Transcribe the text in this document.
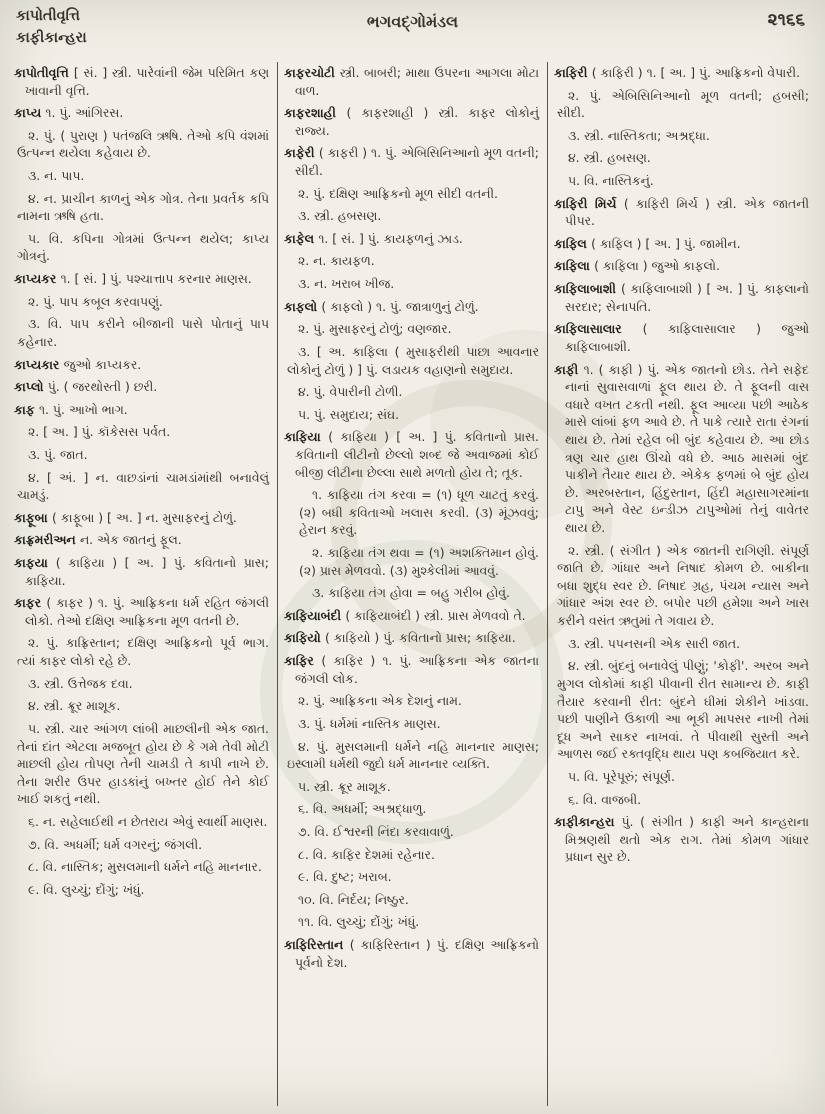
કાપોતીવૃત્તિ
કાફીકાન્હરા
ભગવદ્ગોમંડલ	૨૧૬૬
કાપોતીવૃત્તિ [ સં. ] સ્ત્રી. પારેવાંની જેમ પરિમિત કણ ખાવાની વૃત્તિ.
કાપ્ય ૧. પું. આંગિરસ.
૨. પું. ( પુરાણ ) પતંજલિ ઋષિ. તેઓ કપિ વંશમાં ઉત્પન્ન થયેલા કહેવાય છે.
૩. ન. પાપ.
૪. ન. પ્રાચીન કાળનું એક ગોત્ર. તેના પ્રવર્તક કપિ નામના ઋષિ હતા.
૫. વિ. કપિના ગોત્રમાં ઉત્પન્ન થયેલ; કાપ્ય ગોત્રનું.
કાપ્યકર ૧. [ સં. ] પું. પશ્ચાત્તાપ કરનાર માણસ.
૨. પું. પાપ કબૂલ કરવાપણું.
૩. વિ. પાપ કરીને બીજાની પાસે પોતાનું પાપ કહેનાર.
કાપ્યકાર જુઓ કાપ્યકર.
કાપ્લો પું. ( જરથોસ્તી ) છરી.
કાફ ૧. પું. આખો ભાગ.
૨. [ અ. ] પું. કૉકેસસ પર્વત.
૩. પું. જાત.
૪. [ અં. ] ન. વાછડાંનાં ચામડાંમાંથી બનાવેલું ચામડું.
કાફૂબા ( કાફૂબા ) [ અ. ] ન. મુસાફરનું ટોળું.
કાફ્રમરીઅન ન. એક જાતનું ફૂલ.
કાફયા ( કાફિયા ) [ અ. ] પું. કવિતાનો પ્રાસ; કાફિયા.
કાફર ( કાફર ) ૧. પું. આફ્રિકના ધર્મ રહિત જંગલી લોકો. તેઓ દક્ષિણ આફ્રિકના મૂળ વતની છે.
૨. પું. કાફ્રિસ્તાન; દક્ષિણ આફ્રિકનો પૂર્વ ભાગ. ત્યાં કાફર લોકો રહે છે.
૩. સ્ત્રી. ઉત્તેજક દવા.
૪. સ્ત્રી. ક્રૂર માશૂક.
૫. સ્ત્રી. ચાર આંગળ લાંબી માછલીની એક જાત. તેનાં દાંત એટલા મજબૂત હોય છે કે ગમે તેવી મોટી માછલી હોય તોપણ તેની ચામડી તે કાપી નાખે છે. તેના શરીર ઉપર હાડકાંનું બખ્તર હોઈ તેને કોઈ ખાઈ શકતું નથી.
૬. ન. સહેલાઈથી ન છેતરાય એવું સ્વાર્થી માણસ.
૭. વિ. અધર્મી; ધર્મ વગરનું; જંગલી.
૮. વિ. નાસ્તિક; મુસલમાની ધર્મને નહિ માનનાર.
૯. વિ. લુચ્ચું; દોંગું; ખંધું.
કાફરચોટી સ્ત્રી. બાબરી; માથા ઉપરના આગલા મોટા વાળ.
કાફરશાહી ( કાફરશાહી ) સ્ત્રી. કાફર લોકોનું રાજ્ય.
કાફેરી ( કાફરી ) ૧. પું. એબિસિનિઆનો મૂળ વતની; સીદી.
૨. પું. દક્ષિણ આફ્રિકનો મૂળ સીદી વતની.
૩. સ્ત્રી. હબસણ.
કાફેલ ૧. [ સં. ] પું. કાયફળનું ઝાડ.
૨. ન. કાયફળ.
૩. ન. ખરાબ ખીજ.
કાફલો ( કાફલો ) ૧. પું. જાત્રાળુનું ટોળું.
૨. પું. મુસાફરનું ટોળું; વણજાર.
૩. [ અ. કાફિલા ( મુસાફરીથી પાછા આવનાર લોકોનું ટોળું ) ] પું. લડાયક વહાણનો સમુદાય.
૪. પું. વેપારીની ટોળી.
૫. પું. સમુદાય; સંઘ.
કાફિયા ( કાફિયા ) [ અ. ] પું. કવિતાનો પ્રાસ. કવિતાની લીટીનો છેલ્લો શબ્દ જે અવાજમાં કોઈ બીજી લીટીના છેલ્લા સાથે મળતો હોય તે; તૂક.
૧. કાફિયા તંગ કરવા = (૧) ધૂળ ચાટતું કરવું. (૨) બધી કવિતાઓ ખલાસ કરવી. (૩) મૂંઝવવું; હેરાન કરવું.
૨. કાફિયા તંગ થવા = (૧) અશક્તિમાન હોવું. (૨) પ્રાસ મેળવવો. (૩) મુશ્કેલીમાં આવવું.
૩. કાફિયા તંગ હોવા = બહુ ગરીબ હોવું.
કાફિયાબંદી ( કાફિયાબંદી ) સ્ત્રી. પ્રાસ મેળવવો તે.
કાફિયો ( કાફિયો ) પું. કવિતાનો પ્રાસ; કાફિયા.
કાફિર ( કાફિર ) ૧. પું. આફ્રિકના એક જાતના જંગલી લોક.
૨. પું. આફ્રિકના એક દેશનું નામ.
૩. પું. ધર્મમાં નાસ્તિક માણસ.
૪. પું. મુસલમાની ધર્મને નહિ માનનાર માણસ; ઇસ્લામી ધર્મથી જુદો ધર્મ માનનાર વ્યક્તિ.
૫. સ્ત્રી. ક્રૂર માશૂક.
૬. વિ. અધર્મી; અશ્રદ્ધાળુ.
૭. વિ. ઈશ્વરની નિંદા કરવાવાળું.
૮. વિ. કાફિર દેશમાં રહેનાર.
૯. વિ. દુષ્ટ; ખરાબ.
૧૦. વિ. નિર્દય; નિષ્ઠુર.
૧૧. વિ. લુચ્ચું; દોંગું; ખંધું.
કાફિરિસ્તાન ( કાફિરિસ્તાન ) પું. દક્ષિણ આફ્રિકનો પૂર્વનો દેશ.
કાફિરી ( કાફિરી ) ૧. [ અ. ] પું. આફ્રિકનો વેપારી.
૨. પું. એબિસિનિઆનો મૂળ વતની; હબસી; સીદી.
૩. સ્ત્રી. નાસ્તિકતા; અશ્રદ્ધા.
૪. સ્ત્રી. હબસણ.
૫. વિ. નાસ્તિકનું.
કાફિરી મિર્ચ ( કાફિરી મિર્ચ ) સ્ત્રી. એક જાતની પીપર.
કાફિલ ( કાફિલ ) [ અ. ] પું. જામીન.
કાફિલા ( કાફિલા ) જુઓ કાફલો.
કાફિલાબાશી ( કાફિલાબાશી ) [ અ. ] પું. કાફલાનો સરદાર; સેનાપતિ.
કાફિલાસાલાર ( કાફિલાસાલાર ) જુઓ કાફિલાબાશી.
કાફી ૧. ( કાફી ) પું. એક જાતનો છોડ. તેને સફેદ નાનાં સુવાસવાળાં ફૂલ થાય છે. તે ફૂલની વાસ વધારે વખત ટકતી નથી. ફૂલ આવ્યા પછી આઠેક માસે લાંબાં ફળ આવે છે. તે પાકે ત્યારે રાતા રંગનાં થાય છે. તેમાં રહેલ બી બુંદ કહેવાય છે. આ છોડ ત્રણ ચાર હાથ ઊંચો વધે છે. આઠ માસમાં બુંદ પાકીને તૈયાર થાય છે. એકેક ફળમાં બે બુંદ હોય છે. અરબસ્તાન, હિંદુસ્તાન, હિંદી મહાસાગરમાંના ટાપુ અને વેસ્ટ ઇન્ડીઝ ટાપુઓમાં તેનું વાવેતર થાય છે.
૨. સ્ત્રી. ( સંગીત ) એક જાતની રાગિણી. સંપૂર્ણ જાતિ છે. ગાંધાર અને નિષાદ કોમળ છે. બાકીના બધા શુદ્ધ સ્વર છે. નિષાદ ગ્રહ, પંચમ ન્યાસ અને ગાંધાર અંશ સ્વર છે. બપોર પછી હમેશા અને ખાસ કરીને વસંત ઋતુમાં તે ગવાય છે.
૩. સ્ત્રી. પપનસની એક સારી જાત.
૪. સ્ત્રી. બુંદનું બનાવેલું પીણું; 'કોફી'. અરબ અને મુગલ લોકોમાં કાફી પીવાની રીત સામાન્ય છે. કાફી તૈયાર કરવાની રીત: બુંદને ઘીમાં શેકીને ખાંડવા. પછી પાણીને ઉકાળી આ ભૂકી માપસર નાખી તેમાં દૂધ અને સાકર નાખવાં. તે પીવાથી સુસ્તી અને આળસ જઈ રક્તવૃદ્ધિ થાય પણ કબજિયાત કરે.
૫. વિ. પૂરેપૂરું; સંપૂર્ણ.
૬. વિ. વાજબી.
કાફીકાન્હરા પું. ( સંગીત ) કાફી અને કાન્હરાના મિશ્રણથી થતો એક રાગ. તેમાં કોમળ ગાંધાર પ્રધાન સુર છે.
